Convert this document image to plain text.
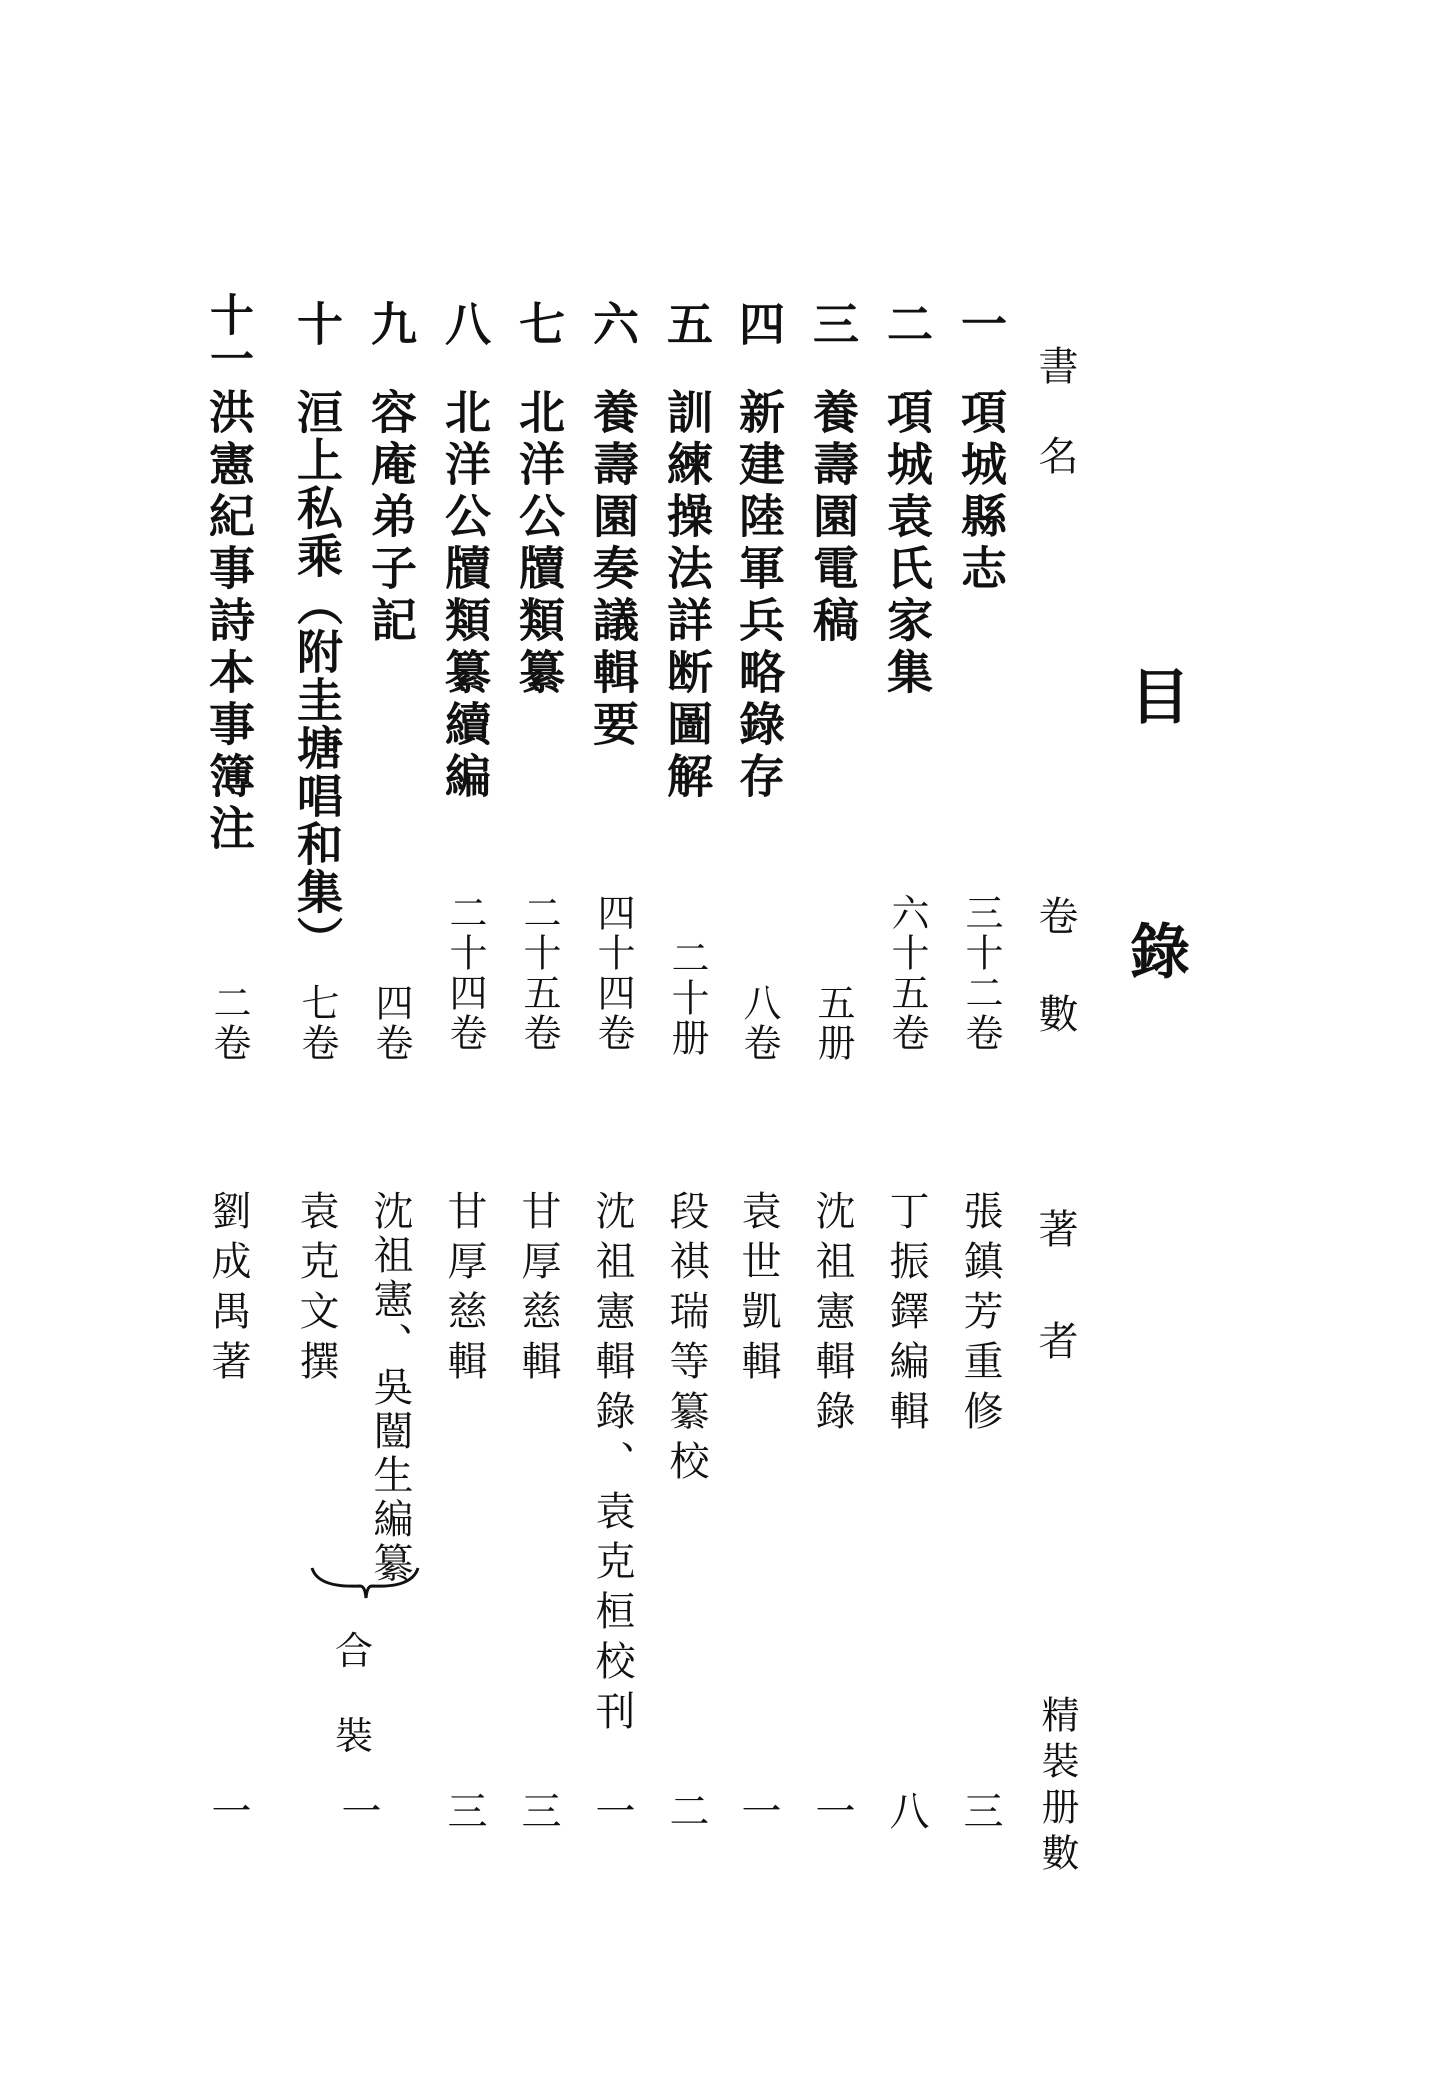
目
錄
書名
卷數
著者
精裝册數
一
項城縣志
三十二卷
張鎮芳重修
三
二
項城袁氏家集
六十五卷
丁振鐸編輯
八
三
養壽園電稿
五册
沈祖憲輯錄
一
四
新建陸軍兵略錄存
八卷
袁世凱輯
一
五
訓練操法詳断圖解
二十册
段祺瑞等纂校
二
六
養壽園奏議輯要
四十四卷
沈祖憲輯錄、袁克桓校刊
一
七
北洋公牘類纂
二十五卷
甘厚慈輯
三
八
北洋公牘類纂續編
二十四卷
甘厚慈輯
三
九
容庵弟子記
四卷
沈祖憲、吳闓生編纂
十
洹上私乘（附圭塘唱和集）
七卷
袁克文撰
一
十一
洪憲紀事詩本事簿注
二卷
劉成禺著
一
合
裝
